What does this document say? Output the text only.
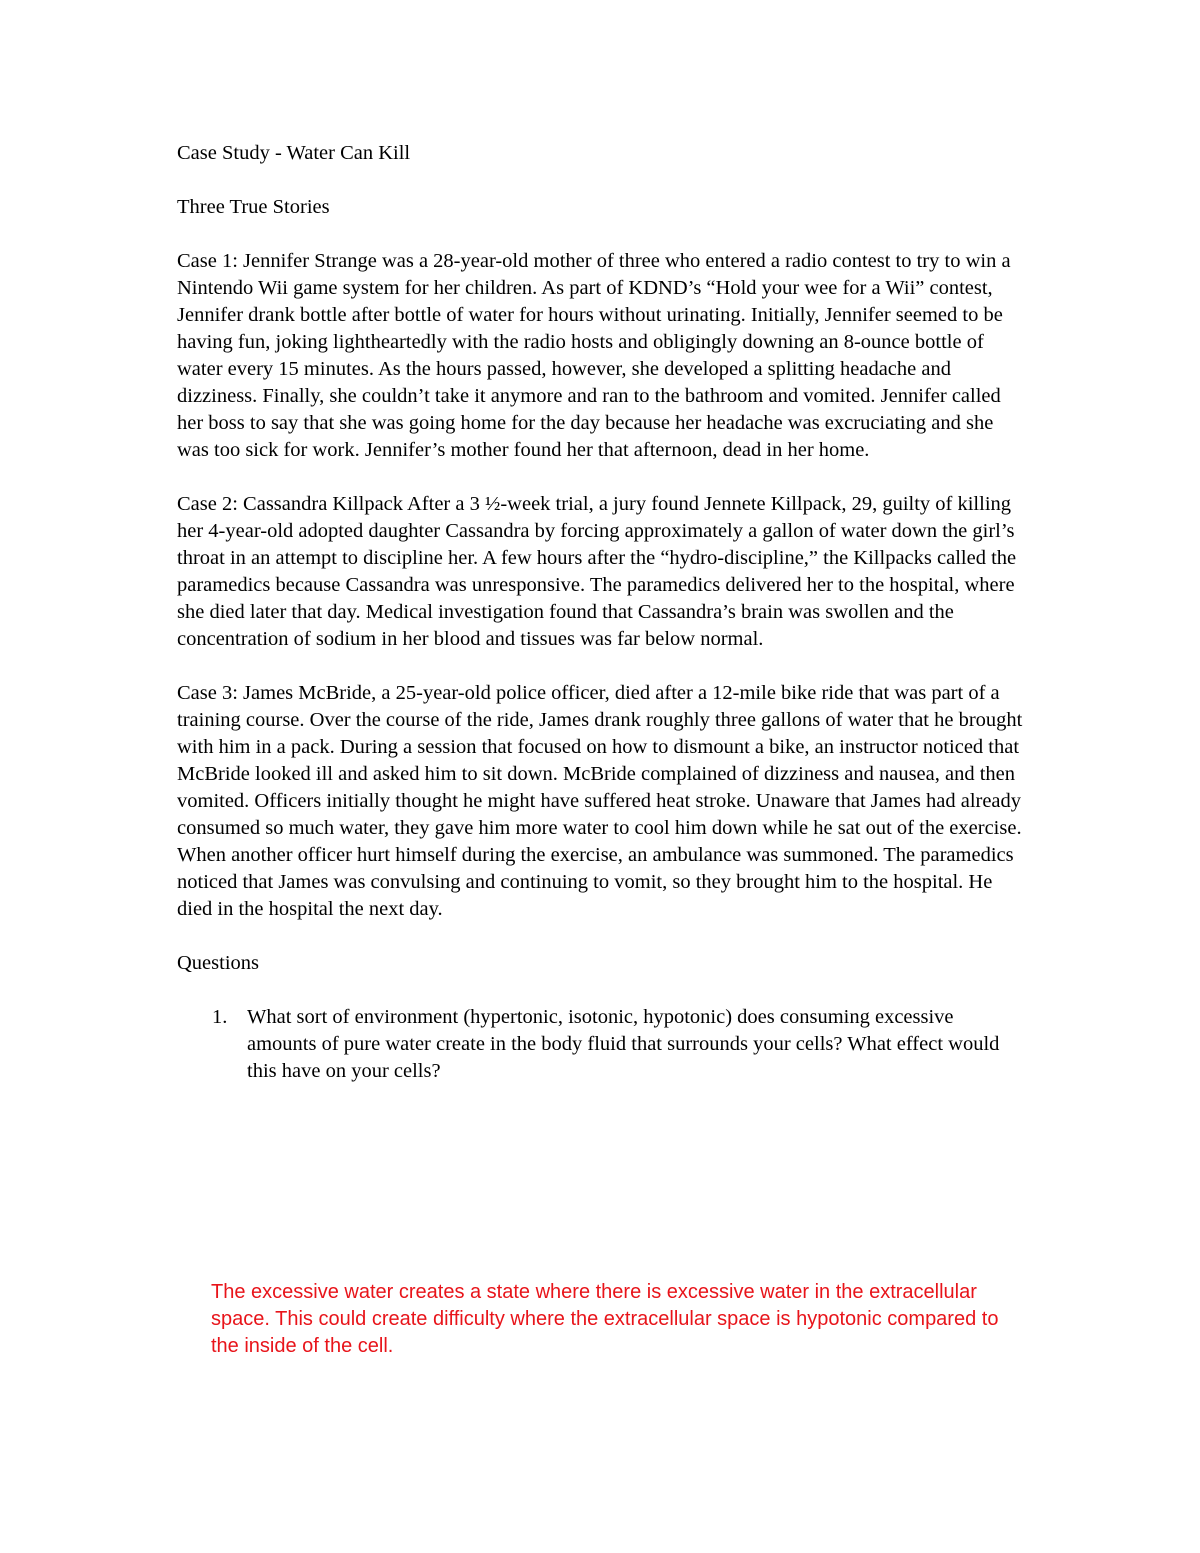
Case Study - Water Can Kill

Three True Stories

Case 1: Jennifer Strange was a 28-year-old mother of three who entered a radio contest to try to win a Nintendo Wii game system for her children. As part of KDND’s “Hold your wee for a Wii” contest, Jennifer drank bottle after bottle of water for hours without urinating. Initially, Jennifer seemed to be having fun, joking lightheartedly with the radio hosts and obligingly downing an 8-ounce bottle of water every 15 minutes. As the hours passed, however, she developed a splitting headache and dizziness. Finally, she couldn’t take it anymore and ran to the bathroom and vomited. Jennifer called her boss to say that she was going home for the day because her headache was excruciating and she was too sick for work. Jennifer’s mother found her that afternoon, dead in her home.

Case 2: Cassandra Killpack After a 3 ½-week trial, a jury found Jennete Killpack, 29, guilty of killing her 4-year-old adopted daughter Cassandra by forcing approximately a gallon of water down the girl’s throat in an attempt to discipline her. A few hours after the “hydro-discipline,” the Killpacks called the paramedics because Cassandra was unresponsive. The paramedics delivered her to the hospital, where she died later that day. Medical investigation found that Cassandra’s brain was swollen and the concentration of sodium in her blood and tissues was far below normal.

Case 3: James McBride, a 25-year-old police officer, died after a 12-mile bike ride that was part of a training course. Over the course of the ride, James drank roughly three gallons of water that he brought with him in a pack. During a session that focused on how to dismount a bike, an instructor noticed that McBride looked ill and asked him to sit down. McBride complained of dizziness and nausea, and then vomited. Officers initially thought he might have suffered heat stroke. Unaware that James had already consumed so much water, they gave him more water to cool him down while he sat out of the exercise. When another officer hurt himself during the exercise, an ambulance was summoned. The paramedics noticed that James was convulsing and continuing to vomit, so they brought him to the hospital. He died in the hospital the next day.

Questions

1. What sort of environment (hypertonic, isotonic, hypotonic) does consuming excessive amounts of pure water create in the body fluid that surrounds your cells? What effect would this have on your cells?

The excessive water creates a state where there is excessive water in the extracellular space. This could create difficulty where the extracellular space is hypotonic compared to the inside of the cell.
